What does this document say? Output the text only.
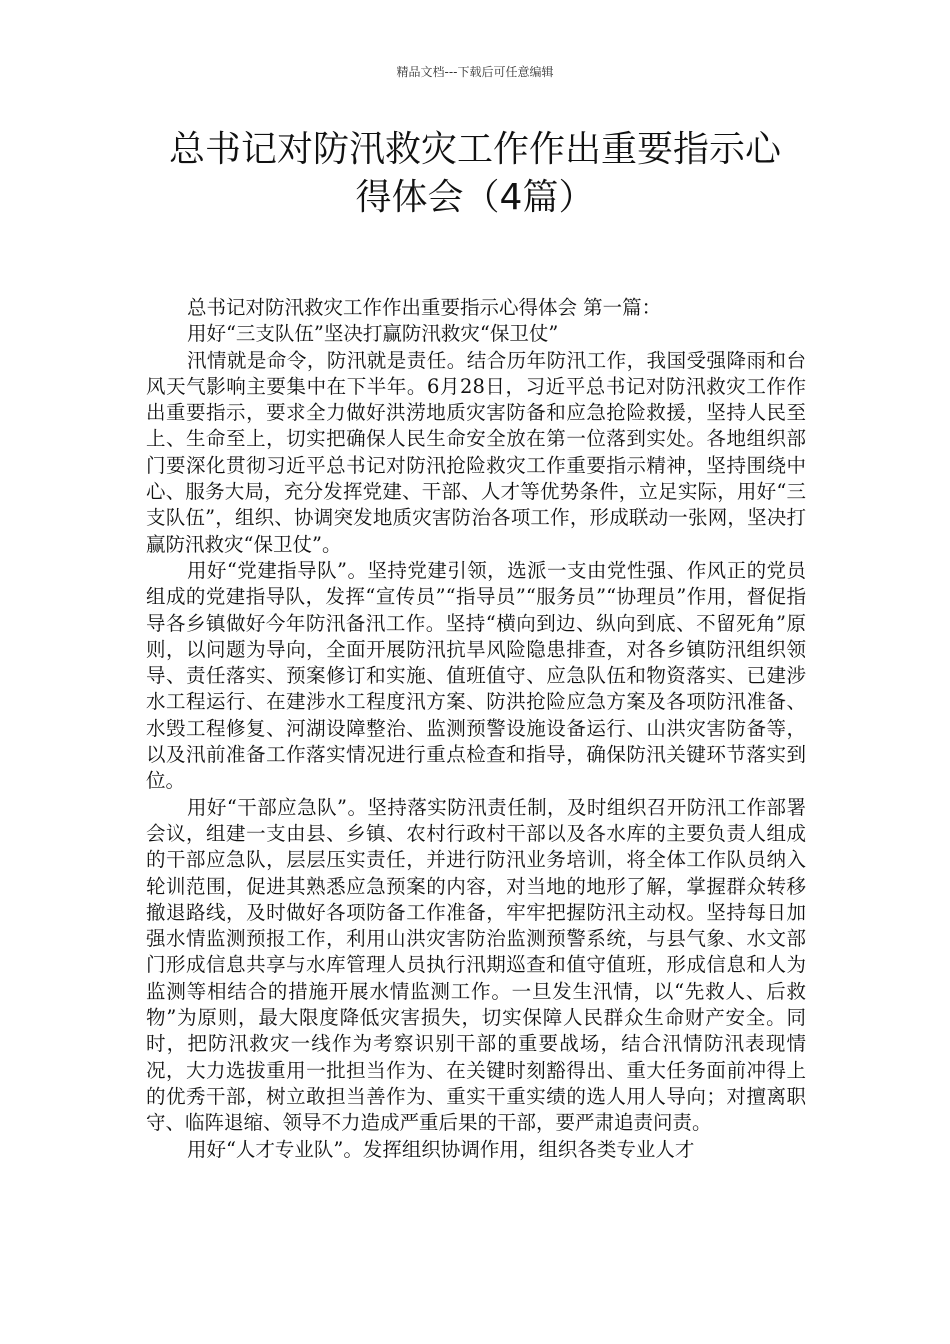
精品文档---下载后可任意编辑
总书记对防汛救灾工作作出重要指示心
得体会（4篇）

总书记对防汛救灾工作作出重要指示心得体会 第一篇：

用好“三支队伍”坚决打赢防汛救灾“保卫仗”

汛情就是命令，防汛就是责任。结合历年防汛工作，我国受强降雨和台风天气影响主要集中在下半年。6月28日，习近平总书记对防汛救灾工作作出重要指示，要求全力做好洪涝地质灾害防备和应急抢险救援，坚持人民至上、生命至上，切实把确保人民生命安全放在第一位落到实处。各地组织部门要深化贯彻习近平总书记对防汛抢险救灾工作重要指示精神，坚持围绕中心、服务大局，充分发挥党建、干部、人才等优势条件，立足实际，用好“三支队伍”，组织、协调突发地质灾害防治各项工作，形成联动一张网，坚决打赢防汛救灾“保卫仗”。

用好“党建指导队”。坚持党建引领，选派一支由党性强、作风正的党员组成的党建指导队，发挥“宣传员”“指导员”“服务员”“协理员”作用，督促指导各乡镇做好今年防汛备汛工作。坚持“横向到边、纵向到底、不留死角”原则，以问题为导向，全面开展防汛抗旱风险隐患排查，对各乡镇防汛组织领导、责任落实、预案修订和实施、值班值守、应急队伍和物资落实、已建涉水工程运行、在建涉水工程度汛方案、防洪抢险应急方案及各项防汛准备、水毁工程修复、河湖设障整治、监测预警设施设备运行、山洪灾害防备等，以及汛前准备工作落实情况进行重点检查和指导，确保防汛关键环节落实到位。

用好“干部应急队”。坚持落实防汛责任制，及时组织召开防汛工作部署会议，组建一支由县、乡镇、农村行政村干部以及各水库的主要负责人组成的干部应急队，层层压实责任，并进行防汛业务培训，将全体工作队员纳入轮训范围，促进其熟悉应急预案的内容，对当地的地形了解，掌握群众转移撤退路线，及时做好各项防备工作准备，牢牢把握防汛主动权。坚持每日加强水情监测预报工作，利用山洪灾害防治监测预警系统，与县气象、水文部门形成信息共享与水库管理人员执行汛期巡查和值守值班，形成信息和人为监测等相结合的措施开展水情监测工作。一旦发生汛情，以“先救人、后救物”为原则，最大限度降低灾害损失，切实保障人民群众生命财产安全。同时，把防汛救灾一线作为考察识别干部的重要战场，结合汛情防汛表现情况，大力选拔重用一批担当作为、在关键时刻豁得出、重大任务面前冲得上的优秀干部，树立敢担当善作为、重实干重实绩的选人用人导向；对擅离职守、临阵退缩、领导不力造成严重后果的干部，要严肃追责问责。

用好“人才专业队”。发挥组织协调作用，组织各类专业人才
